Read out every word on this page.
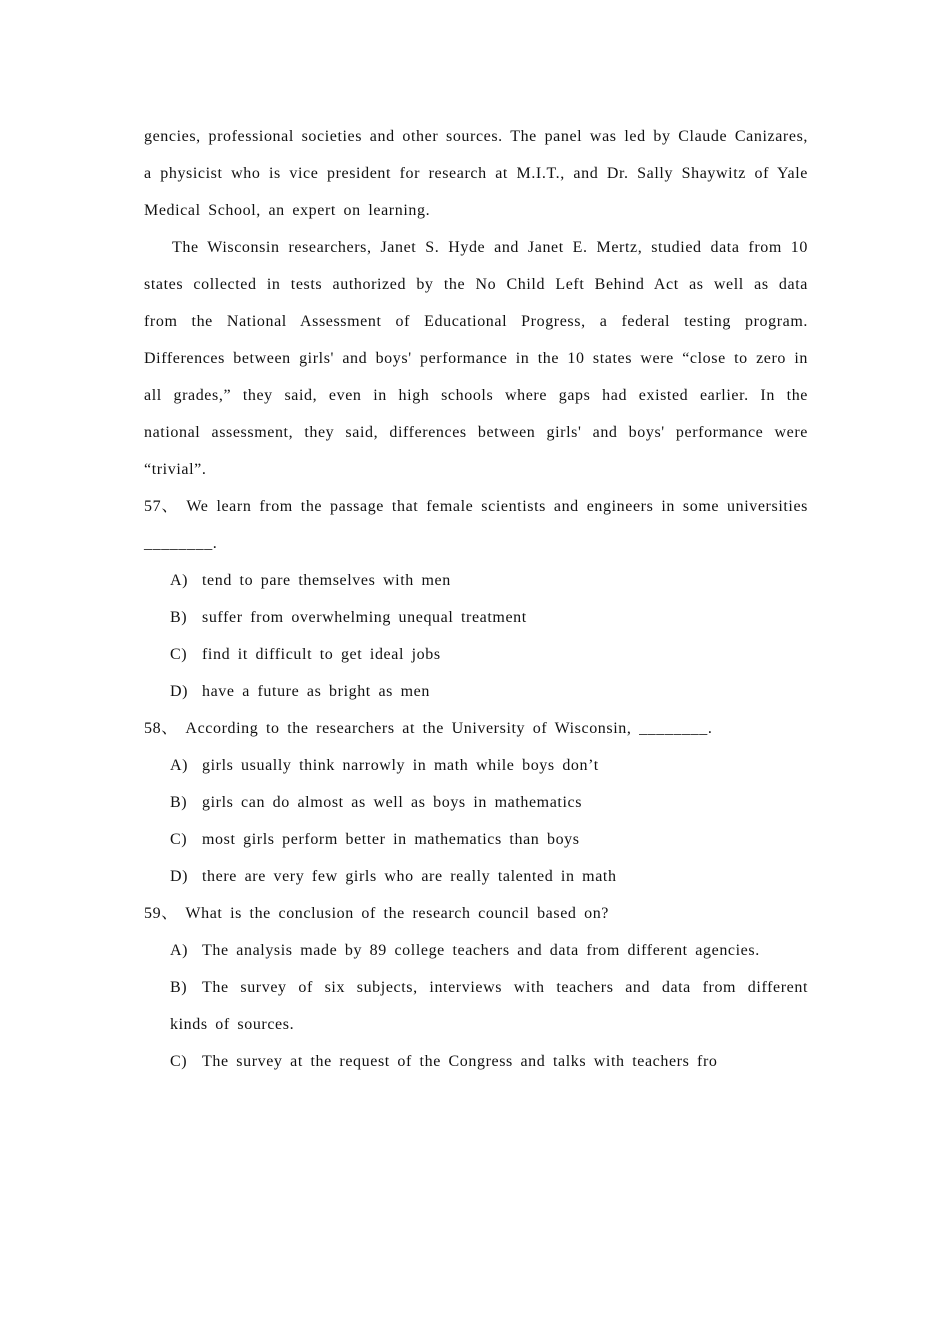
gencies, professional societies and other sources. The panel was led by Claude Canizares, a physicist who is vice president for research at M.I.T., and Dr. Sally Shaywitz of Yale Medical School, an expert on learning.

The Wisconsin researchers, Janet S. Hyde and Janet E. Mertz, studied data from 10 states collected in tests authorized by the No Child Left Behind Act as well as data from the National Assessment of Educational Progress, a federal testing program. Differences between girls' and boys' performance in the 10 states were “close to zero in all grades,” they said, even in high schools where gaps had existed earlier. In the national assessment, they said, differences between girls' and boys' performance were “trivial”.

57、 We learn from the passage that female scientists and engineers in some universities ________.

A) tend to pare themselves with men
B) suffer from overwhelming unequal treatment
C) find it difficult to get ideal jobs
D) have a future as bright as men

58、 According to the researchers at the University of Wisconsin, ________.

A) girls usually think narrowly in math while boys don’t
B) girls can do almost as well as boys in mathematics
C) most girls perform better in mathematics than boys
D) there are very few girls who are really talented in math

59、 What is the conclusion of the research council based on?

A) The analysis made by 89 college teachers and data from different agencies.
B) The survey of six subjects, interviews with teachers and data from different kinds of sources.
C) The survey at the request of the Congress and talks with teachers fro
